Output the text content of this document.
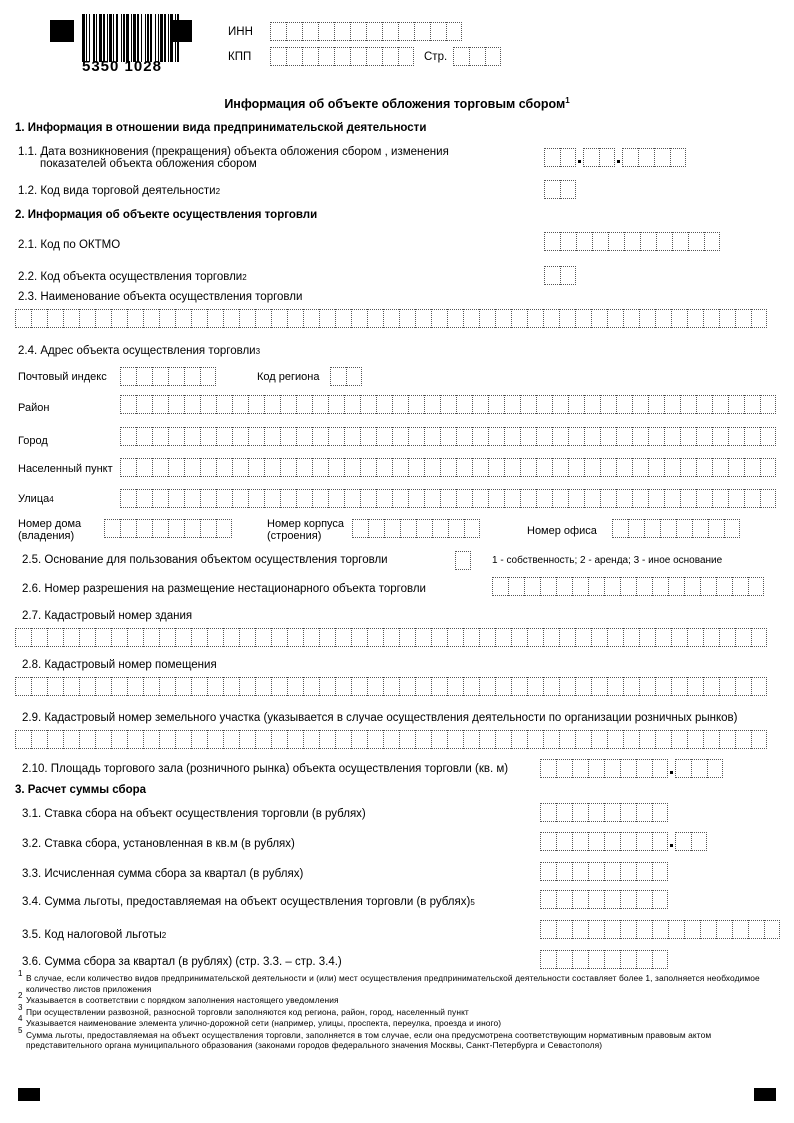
5350 1028
ИНН
КПП	Стр.
Информация об объекте обложения торговым сбором$^1$
1. Информация в отношении вида предпринимательской деятельности
1.1. Дата возникновения (прекращения) объекта обложения сбором , изменения
показателей объекта обложения сбором
1.2. Код вида торговой деятельности 2
2. Информация об объекте осуществления торговли
2.1. Код по ОКТМО
2.2. Код объекта осуществления торговли 2
2.3. Наименование объекта осуществления торговли
2.4. Адрес объекта осуществления торговли 3
Почтовый индекс	Код региона
Район
Город
Населенный пункт
Улица 4
Номер дома
(владения)
Номер корпуса
(строения)	Номер офиса
2.5. Основание для пользования объектом осуществления торговли	1 - собственность; 2 - аренда; 3 - иное основание
2.6. Номер разрешения на размещение нестационарного объекта торговли
2.7. Кадастровый номер здания
2.8. Кадастровый номер помещения
2.9. Кадастровый номер земельного участка (указывается в случае осуществления деятельности по организации розничных рынков)
2.10. Площадь торгового зала (розничного рынка) объекта осуществления торговли (кв. м)
3. Расчет суммы сбора
3.1. Ставка сбора на объект осуществления торговли (в рублях)
3.2. Ставка сбора, установленная в кв.м (в рублях)
3.3. Исчисленная сумма сбора за квартал (в рублях)
3.4. Сумма льготы, предоставляемая на объект осуществления торговли (в рублях) 5
3.5. Код налоговой льготы 2
3.6. Сумма сбора за квартал (в рублях) (стр. 3.3. – стр. 3.4.)
1 В случае, если количество видов предпринимательской деятельности и (или) мест осуществления предпринимательской деятельности составляет более 1, заполняется необходимое количество листов приложения
2 Указывается в соответствии с порядком заполнения настоящего уведомления
3 При осуществлении развозной, разносной торговли заполняются код региона, район, город, населенный пункт
4 Указывается наименование элемента улично-дорожной сети (например, улицы, проспекта, переулка, проезда и иного)
5 Сумма льготы, предоставляемая на объект осуществления торговли, заполняется в том случае, если она предусмотрена соответствующим нормативным правовым актом представительного органа муниципального образования (законами городов федерального значения Москвы, Санкт-Петербурга и Севастополя)
